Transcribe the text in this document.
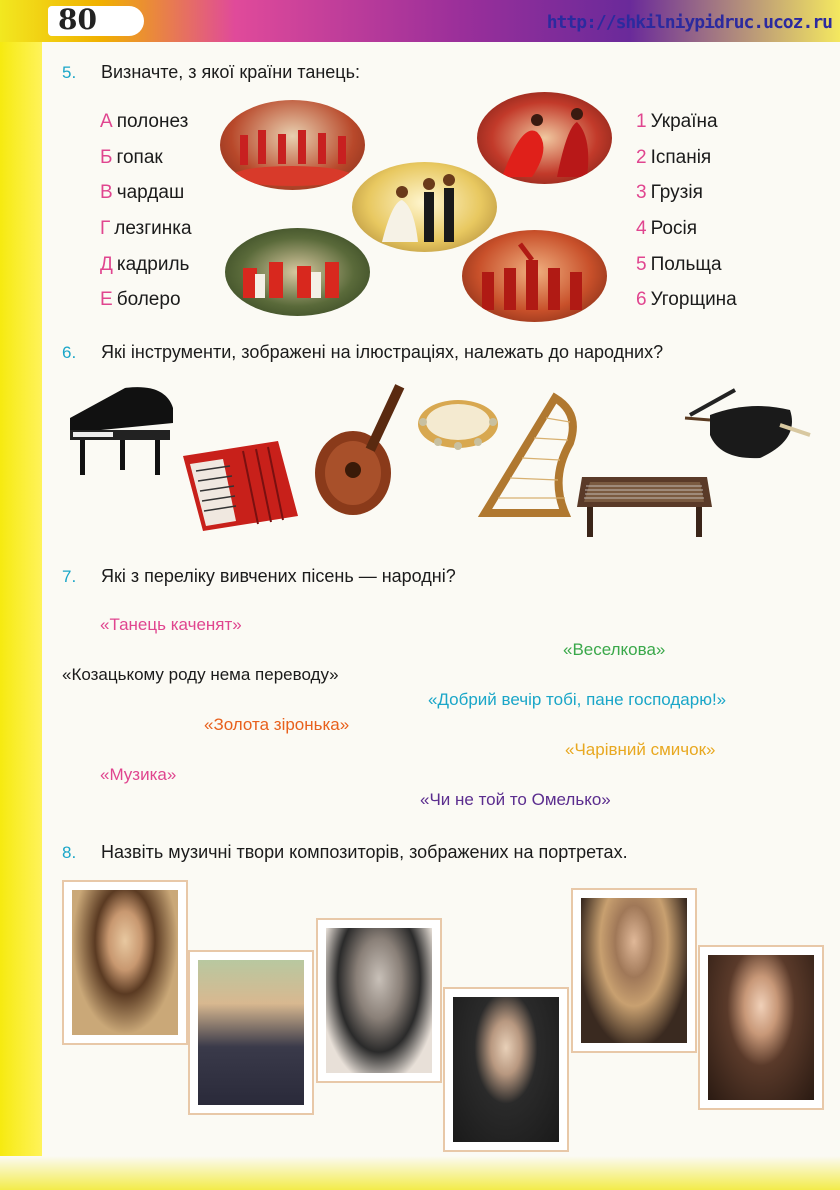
80	http://shkilniypidruc.ucoz.ru
5. Визначте, з якої країни танець:
А полонез
Б гопак
В чардаш
Г лезгинка
Д кадриль
Е болеро
1 Україна
2 Іспанія
3 Грузія
4 Росія
5 Польща
6 Угорщина
6. Які інструменти, зображені на ілюстраціях, належать до народних?
7. Які з переліку вивчених пісень — народні?
«Танець каченят»
«Веселкова»
«Козацькому роду нема переводу»
«Добрий вечір тобі, пане господарю!»
«Золота зіронька»
«Чарівний смичок»
«Музика»
«Чи не той то Омелько»
8. Назвіть музичні твори композиторів, зображених на портретах.
